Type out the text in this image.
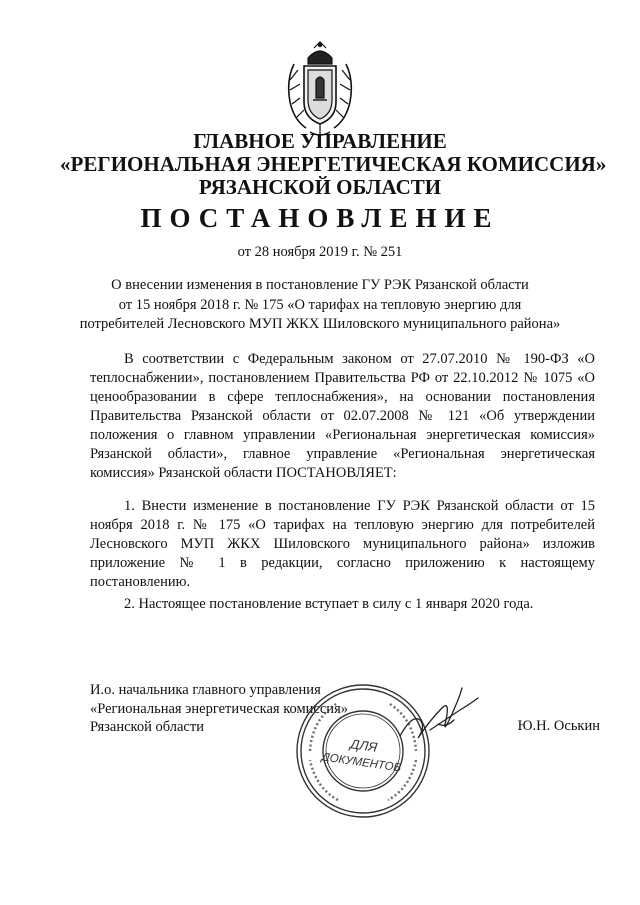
ГЛАВНОЕ УПРАВЛЕНИЕ
«РЕГИОНАЛЬНАЯ ЭНЕРГЕТИЧЕСКАЯ КОМИССИЯ»
РЯЗАНСКОЙ ОБЛАСТИ
ПОСТАНОВЛЕНИЕ
от 28 ноября 2019 г. № 251
О внесении изменения в постановление ГУ РЭК Рязанской области
от 15 ноября 2018 г. № 175 «О тарифах на тепловую энергию для
потребителей Лесновского МУП ЖКХ Шиловского муниципального района»

В соответствии с Федеральным законом от 27.07.2010 № 190-ФЗ «О теплоснабжении», постановлением Правительства РФ от 22.10.2012 № 1075 «О ценообразовании в сфере теплоснабжения», на основании постановления Правительства Рязанской области от 02.07.2008 № 121 «Об утверждении положения о главном управлении «Региональная энергетическая комиссия» Рязанской области», главное управление «Региональная энергетическая комиссия» Рязанской области ПОСТАНОВЛЯЕТ:

1. Внести изменение в постановление ГУ РЭК Рязанской области от 15 ноября 2018 г. № 175 «О тарифах на тепловую энергию для потребителей Лесновского МУП ЖКХ Шиловского муниципального района» изложив приложение № 1 в редакции, согласно приложению к настоящему постановлению.

2. Настоящее постановление вступает в силу с 1 января 2020 года.

И.о. начальника главного управления
«Региональная энергетическая комиссия»
Рязанской области
ДЛЯ
ДОКУМЕНТОВ
Ю.Н. Оськин
